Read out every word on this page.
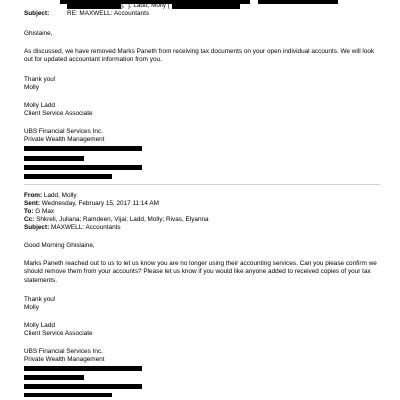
]; ]; Ladd, Molly [
Subject:	RE: MAXWELL: Accountants
Ghislaine,
As discussed, we have removed Marks Paneth from receiving tax documents on your open individual accounts. We will look out for updated accountant information from you.
Thank you!
Molly
Molly Ladd
Client Service Associate
UBS Financial Services Inc.
Private Wealth Management
From: Ladd, Molly
Sent: Wednesday, February 15, 2017 11:14 AM
To: G Max
Cc: Shkreli, Juliana; Ramdeen, Vijai; Ladd, Molly; Rivas, Elyanna
Subject: MAXWELL: Accountants
Good Morning Ghislaine,
Marks Paneth reached out to us to let us know you are no longer using their accounting services. Can you please confirm we should remove them from your accounts? Please let us know if you would like anyone added to received copies of your tax statements.
Thank you!
Molly
Molly Ladd
Client Service Associate
UBS Financial Services Inc.
Private Wealth Management
